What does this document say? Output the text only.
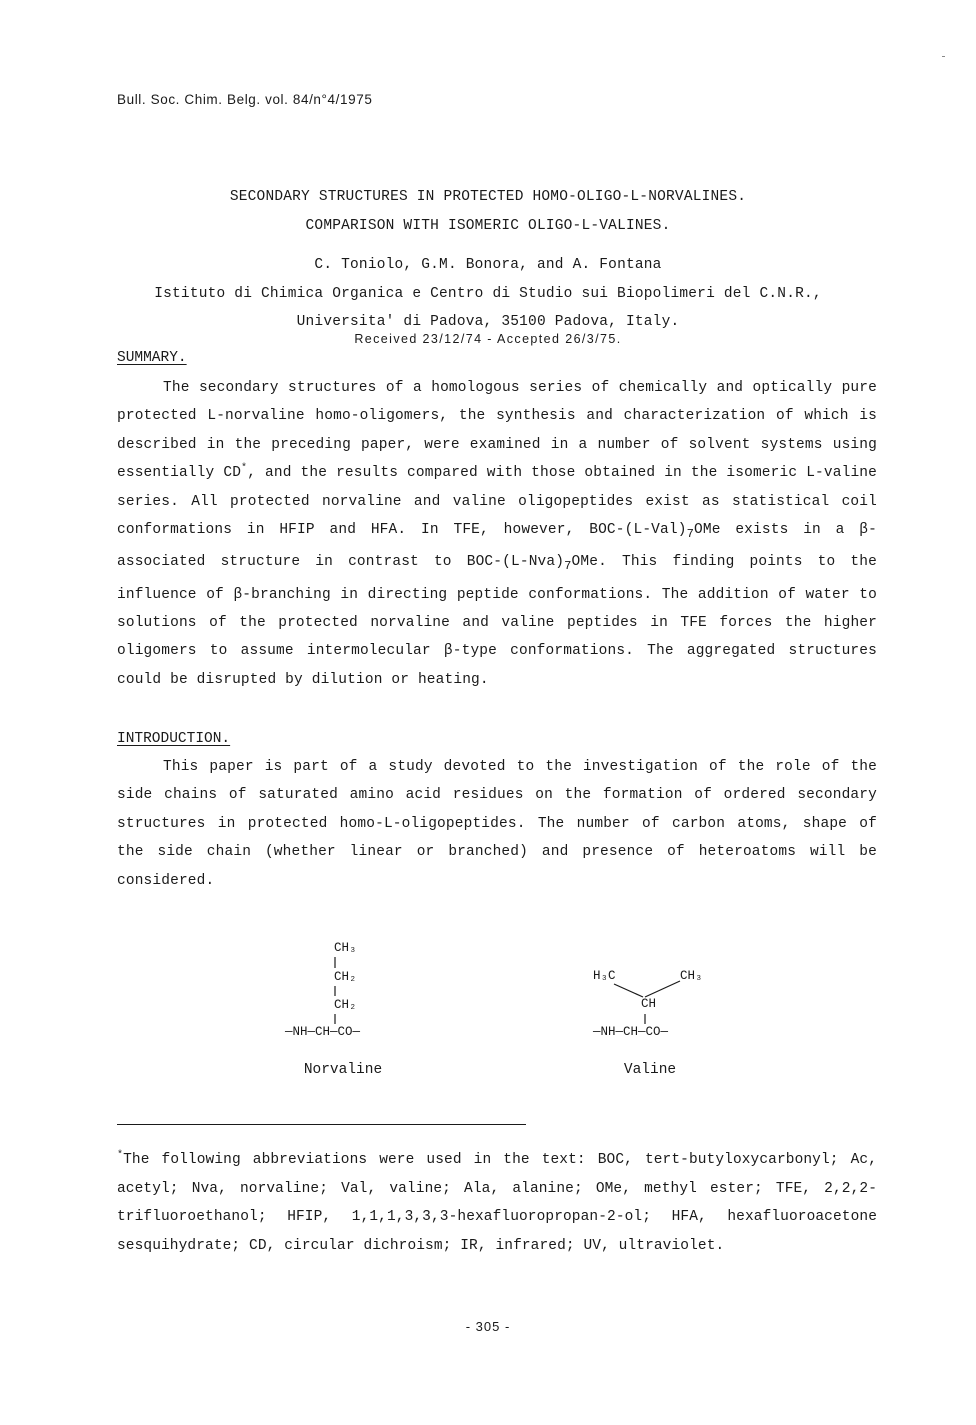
Bull. Soc. Chim. Belg. vol. 84/n°4/1975
SECONDARY STRUCTURES IN PROTECTED HOMO-OLIGO-L-NORVALINES.
COMPARISON WITH ISOMERIC OLIGO-L-VALINES.
C. Toniolo, G.M. Bonora, and A. Fontana
Istituto di Chimica Organica e Centro di Studio sui Biopolimeri del C.N.R.,
Universita' di Padova, 35100 Padova, Italy.
Received 23/12/74 - Accepted 26/3/75.
SUMMARY.

The secondary structures of a homologous series of chemically and optically pure protected L-norvaline homo-oligomers, the synthesis and characterization of which is described in the preceding paper, were examined in a number of solvent systems using essentially CD*, and the results compared with those obtained in the isomeric L-valine series. All protected norvaline and valine oligopeptides exist as statistical coil conformations in HFIP and HFA. In TFE, however, BOC-$(L-Val)_7OMe$ exists in a β-associated structure in contrast to BOC-$(L-Nva)_7OMe$. This finding points to the influence of β-branching in directing peptide conformations. The addition of water to solutions of the protected norvaline and valine peptides in TFE forces the higher oligomers to assume intermolecular β-type conformations. The aggregated structures could be disrupted by dilution or heating.

INTRODUCTION.

This paper is part of a study devoted to the investigation of the role of the side chains of saturated amino acid residues on the formation of ordered secondary structures in protected homo-L-oligopeptides. The number of carbon atoms, shape of the side chain (whether linear or branched) and presence of heteroatoms will be considered.

CH₃
CH₂
CH₂
—NH—CH—CO—
Norvaline
H₃C	CH₃
CH
—NH—CH—CO—
Valine

*The following abbreviations were used in the text: BOC, tert-butyloxycarbonyl; Ac, acetyl; Nva, norvaline; Val, valine; Ala, alanine; OMe, methyl ester; TFE, 2,2,2-trifluoroethanol; HFIP, 1,1,1,3,3,3-hexafluoropropan-2-ol; HFA, hexafluoroacetone sesquihydrate; CD, circular dichroism; IR, infrared; UV, ultraviolet.

- 305 -
